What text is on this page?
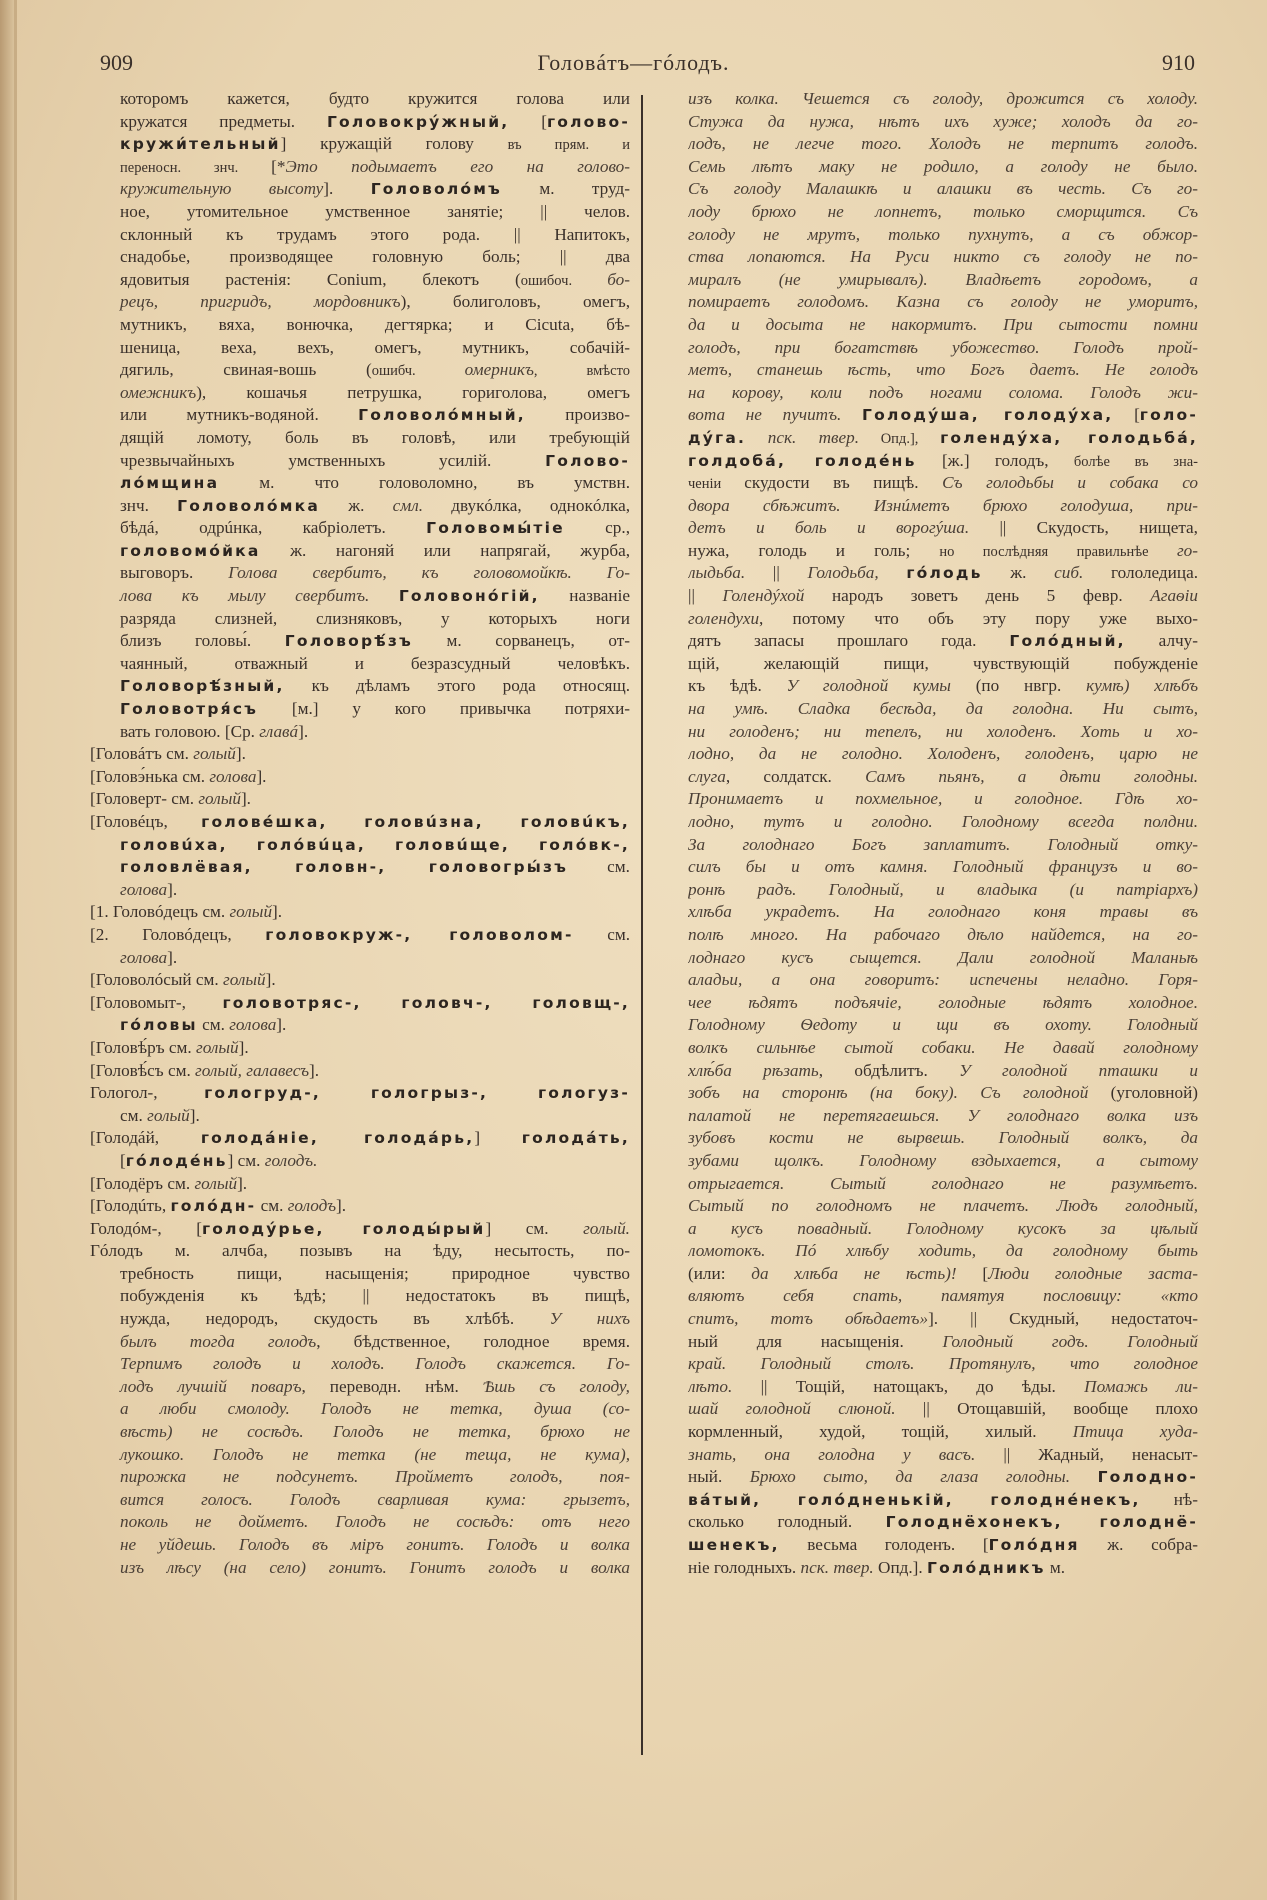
909	Головáтъ—гóлодъ.	910
которомъ кажется, будто кружится голова или
кружатся предметы. Головокрýжный, [голово-
кружи́тельный] кружащій голову въ прям. и
переносн. знч. [*Это подымаетъ его на голово-
кружительную высоту]. Головолóмъ м. труд-
ное, утомительное умственное занятіе; || челов.
склонный къ трудамъ этого рода. || Напитокъ,
снадобье, производящее головную боль; || два
ядовитыя растенія: Conium, блекотъ (ошибоч. бо-
рецъ, пригридъ, мордовникъ), болиголовъ, омегъ,
мутникъ, вяха, вонючка, дегтярка; и Cicuta, бѣ-
шеница, веха, вехъ, омегъ, мутникъ, собачій-
дягиль, свиная-вошь (ошибч. омерникъ, вмѣсто
омежникъ), кошачья петрушка, гориголова, омегъ
или мутникъ-водяной. Головолóмный, произво-
дящій ломоту, боль въ головѣ, или требующій
чрезвычайныхъ умственныхъ усилій. Голово-
лóмщина м. что головоломно, въ умствн.
знч. Головолóмка ж. смл. двукóлка, однокóлка,
бѣдá, одрúнка, кабріолетъ. Головомы́тіе ср.,
головомóйка ж. нагоняй или напрягай, журба,
выговоръ. Голова свербитъ, къ головомойкѣ. Го-
лова къ мылу свербитъ. Головонóгій, названіе
разряда слизней, слизняковъ, у которыхъ ноги
близъ головы́. Головорѣ́зъ м. сорванецъ, от-
чаянный, отважный и безразсудный человѣкъ.
Головорѣ́зный, къ дѣламъ этого рода относящ.
Головотря́съ [м.] у кого привычка потряхи-
вать головою. [Ср. главá].
[Головáтъ см. голый].
[Головэ́нька см. голова].
[Головерт- см. голый].
[Головéцъ, головéшка, головúзна, головúкъ,
головúха, голóвúца, головúще, голóвк-,
головлёвая, головн-, головогры́зъ см.
голова].
[1. Головóдецъ см. голый].
[2. Головóдецъ, головокруж-, головолом- см.
голова].
[Головолóсый см. голый].
[Головомыт-, головотряс-, головч-, головщ-,
гóловы см. голова].
[Головѣ́ръ см. голый].
[Головѣ́съ см. голый, галавесъ].
Гологол-, гологруд-, гологрыз-, гологуз-
см. голый].
[Голодáй, голодáніе, голодáрь,] голодáть,
[гóлодéнь] см. голодъ.
[Голодёръ см. голый].
[Голодúть, голóдн- см. голодъ].
Голодóм-, [голодýрье, голоды́рый] см. голый.
Гóлодъ м. алчба, позывъ на ѣду, несытость, по-
требность пищи, насыщенія; природное чувство
побужденія къ ѣдѣ; || недостатокъ въ пищѣ,
нужда, недородъ, скудость въ хлѣбѣ. У нихъ
былъ тогда голодъ, бѣдственное, голодное время.
Терпимъ голодъ и холодъ. Голодъ скажется. Го-
лодъ лучшій поваръ, переводн. нѣм. Ѣшь съ голоду,
а люби смолоду. Голодъ не тетка, душа (со-
вѣсть) не сосѣдъ. Голодъ не тетка, брюхо не
лукошко. Голодъ не тетка (не теща, не кума),
пирожка не подсунетъ. Пройметъ голодъ, поя-
вится голосъ. Голодъ сварливая кума: грызетъ,
поколь не дойметъ. Голодъ не сосѣдъ: отъ него
не уйдешь. Голодъ въ міръ гонитъ. Голодъ и волка
изъ лѣсу (на село) гонитъ. Гонитъ голодъ и волка
изъ колка. Чешется съ голоду, дрожится съ холоду.
Стужа да нужа, нѣтъ ихъ хуже; холодъ да го-
лодъ, не легче того. Холодъ не терпитъ голодъ.
Семь лѣтъ маку не родило, а голоду не было.
Съ голоду Малашкѣ и алашки въ честь. Съ го-
лоду брюхо не лопнетъ, только сморщится. Съ
голоду не мрутъ, только пухнутъ, а съ обжор-
ства лопаются. На Руси никто съ голоду не по-
миралъ (не умирывалъ). Владѣетъ городомъ, а
помираетъ голодомъ. Казна съ голоду не уморитъ,
да и досыта не накормитъ. При сытости помни
голодъ, при богатствѣ убожество. Голодъ прой-
метъ, станешь ѣсть, что Богъ даетъ. Не голодъ
на корову, коли подъ ногами солома. Голодъ жи-
вота не пучитъ. Голодýша, голодýха, [голо-
дýга. пск. твер. Опд.], голендýха, голодьбá,
голдобá, голодéнь [ж.] голодъ, болѣе въ зна-
ченіи скудости въ пищѣ. Съ голодьбы и собака со
двора сбѣжитъ. Изнúметъ брюхо голодуша, при-
детъ и боль и ворогýша. || Скудость, нищета,
нужа, голодь и голь; но послѣдняя правильнѣе го-
лыдьба. || Голодьба, гóлодь ж. сиб. гололедица.
|| Голендýхой народъ зоветъ день 5 февр. Агаѳіи
голендухи, потому что объ эту пору уже выхо-
дятъ запасы прошлаго года. Голóдный, алчу-
щій, желающій пищи, чувствующій побужденіе
къ ѣдѣ. У голодной кумы (по нвгр. кумѣ) хлѣбъ
на умѣ. Сладка бесѣда, да голодна. Ни сытъ,
ни голоденъ; ни тепелъ, ни холоденъ. Хоть и хо-
лодно, да не голодно. Холоденъ, голоденъ, царю не
слуга, солдатск. Самъ пьянъ, а дѣти голодны.
Пронимаетъ и похмельное, и голодное. Гдѣ хо-
лодно, тутъ и голодно. Голодному всегда полдни.
За голоднаго Богъ заплатитъ. Голодный отку-
силъ бы и отъ камня. Голодный французъ и во-
ронѣ радъ. Голодный, и владыка (и патріархъ)
хлѣба украдетъ. На голоднаго коня травы въ
полѣ много. На рабочаго дѣло найдется, на го-
лоднаго кусъ сыщется. Дали голодной Маланьѣ
аладьи, а она говоритъ: испечены неладно. Горя-
чее ѣдятъ подъячіе, голодные ѣдятъ холодное.
Голодному Ѳедоту и щи въ охоту. Голодный
волкъ сильнѣе сытой собаки. Не давай голодному
хлѣ́ба рѣзать, обдѣлитъ. У голодной пташки и
зобъ на сторонѣ (на боку). Съ голодной (уголовной)
палатой не перетягаешься. У голоднаго волка изъ
зубовъ кости не вырвешь. Голодный волкъ, да
зубами щолкъ. Голодному вздыхается, а сытому
отрыгается. Сытый голоднаго не разумѣетъ.
Сытый по голодномъ не плачетъ. Людъ голодный,
а кусъ повадный. Голодному кусокъ за цѣлый
ломотокъ. Пó хлѣбу ходить, да голодному быть
(или: да хлѣба не ѣсть)! [Люди голодные заста-
вляютъ себя спать, памятуя пословицу: «кто
спитъ, тотъ обѣдаетъ»]. || Скудный, недостаточ-
ный для насыщенія. Голодный годъ. Голодный
край. Голодный столъ. Протянулъ, что голодное
лѣто. || Тощій, натощакъ, до ѣды. Помажь ли-
шай голодной слюной. || Отощавшій, вообще плохо
кормленный, худой, тощій, хилый. Птица худа-
знать, она голодна у васъ. || Жадный, ненасыт-
ный. Брюхо сыто, да глаза голодны. Голодно-
вáтый, голóдненькій, голоднéнекъ, нѣ-
сколько голодный. Голоднёхонекъ, голоднё-
шенекъ, весьма голоденъ. [Голóдня ж. собра-
ніе голодныхъ. пск. твер. Опд.]. Голóдникъ м.
